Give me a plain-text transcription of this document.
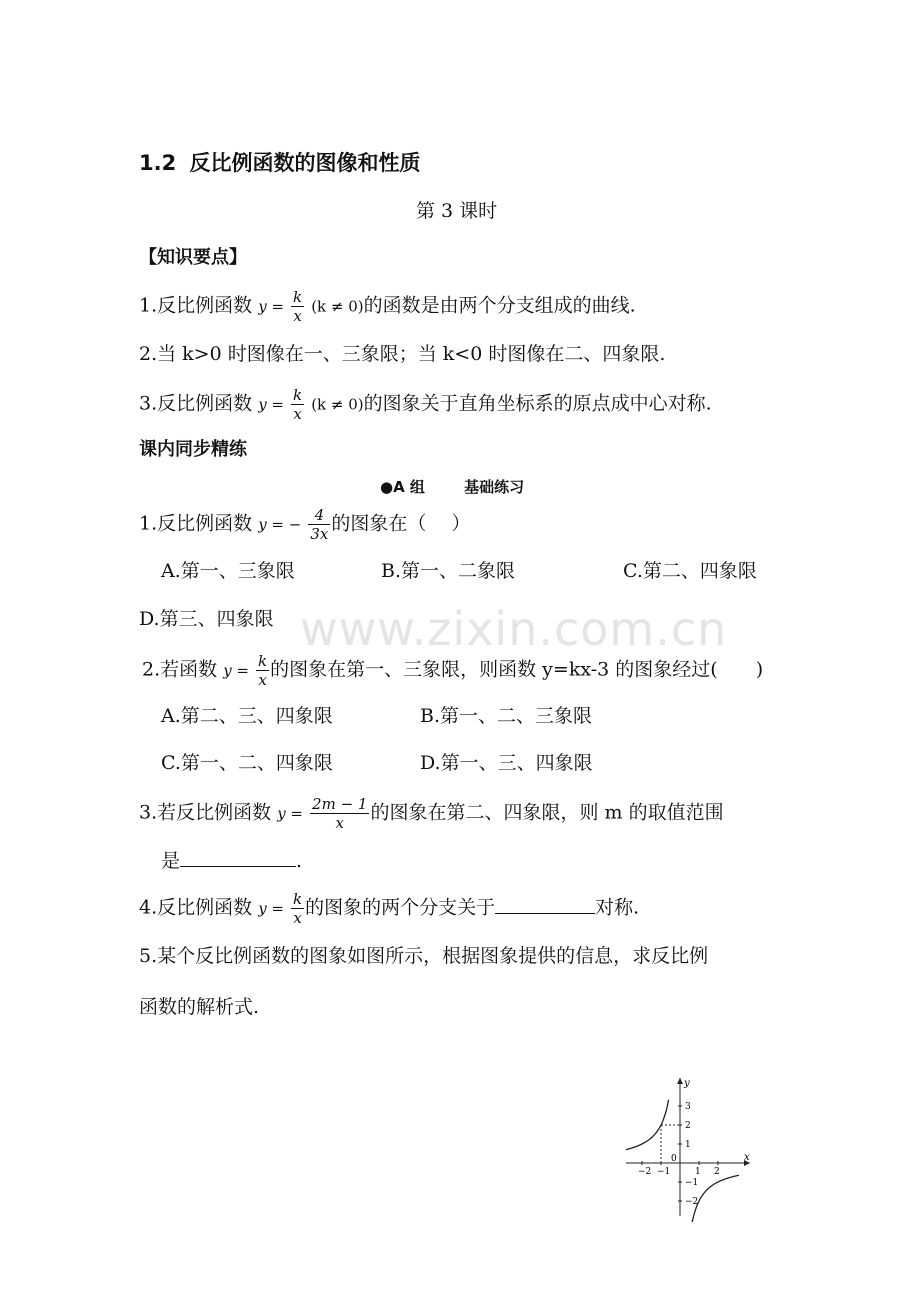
www.zixin.com.cn
1.2 反比例函数的图像和性质
第 3 课时
【知识要点】
1.反比例函数 $y = \frac{k}{x} (k \ne 0)$的函数是由两个分支组成的曲线.
2.当 k>0 时图像在一、三象限；当 k<0 时图像在二、四象限.
3.反比例函数 $y = \frac{k}{x} (k \ne 0)$的图象关于直角坐标系的原点成中心对称.
课内同步精练
●A 组	基础练习
1.反比例函数 y = − $\frac{4}{3x}$ 的图象在（　 ）
A.第一、三象限	B.第一、二象限	C.第二、四象限
D.第三、四象限
2.若函数 $y = \frac{k}{x}$ 的图象在第一、三象限，则函数 y=kx-3 的图象经过(　　)
A.第二、三、四象限	B.第一、二、三象限
C.第一、二、四象限	D.第一、三、四象限
3.若反比例函数 $y = \frac{2m - 1}{x}$ 的图象在第二、四象限，则 m 的取值范围
是	.
4.反比例函数 $y = \frac{k}{x}$ 的图象的两个分支关于	对称.
5.某个反比例函数的图象如图所示，根据图象提供的信息，求反比例
函数的解析式.
x
y
0
−2 −1	1 2
3
2
1
−1
−2
